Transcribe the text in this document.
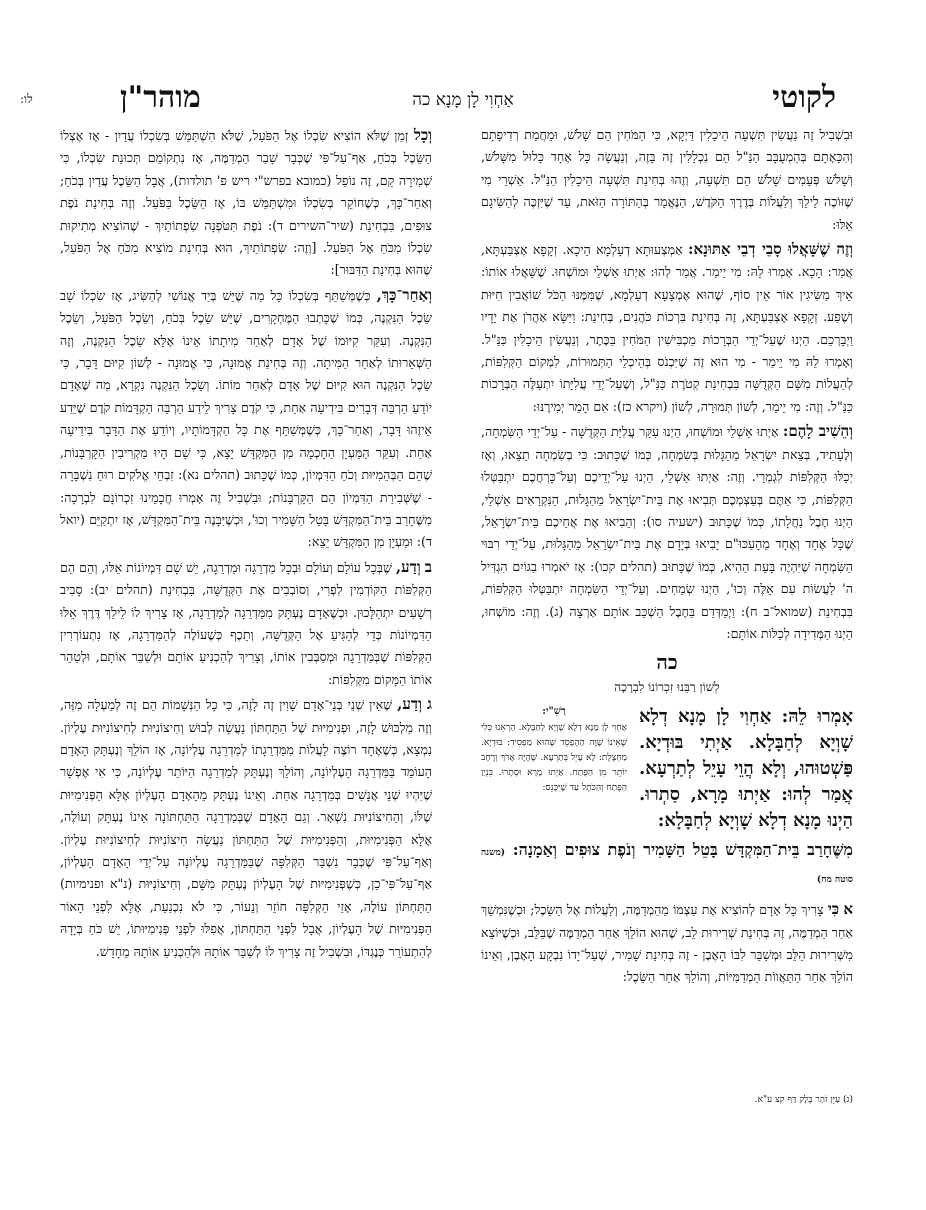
לקוטי
אַחְוִי לָן מָנָא כה
מוהר"ן
לו:

וּבִשְׁבִיל זֶה נַעֲשִׂין תִּשְׁעָה הֵיכָלִין דַּיְקָא, כִּי הַמֹּחִין הֵם שָׁלֹשׁ, וּמֵחֲמַת רְדִיפָתָם וְהִכָּאָתָם בְּהַמְעֻבָּב הַנַּ"ל הֵם נִכְלָלִין זֶה בָּזֶה, וְנַעֲשָׂה כָּל אֶחָד כָּלוּל מִשָּׁלֹשׁ, וְשָׁלֹשׁ פְּעָמִים שָׁלֹשׁ הֵם תִּשְׁעָה, וְזֶהוּ בְּחִינַת תִּשְׁעָה הֵיכָלִין הַנַּ"ל. אַשְׁרֵי מִי שֶׁזּוֹכֶה לֵילֵךְ וְלַעֲלוֹת בְּדֶרֶךְ הַקֹּדֶשׁ, הַנֶּאֱמָר בְּהַתּוֹרָה הַזֹּאת, עַד שֶׁיִּזְכֶּה לְהַשִּׂיגָם אֵלּוּ:

וְזֶה שֶׁשָּׁאֲלוּ סָבֵי דְבֵי אַתּוּנָא: אַמְצְעוּתָא דְעָלְמָא הֵיכָא. זְקָפָא אֶצְבַּעְתָּא, אֲמַר: הָכָא. אָמְרוּ לֵהּ: מִי יֵימַר. אֲמַר לְהוּ: אַיְתוּ אַשְׁלֵי וּמוֹשְׁחוּ. שֶׁשָּׁאֲלוּ אוֹתוֹ: אֵיךְ מַשִּׂיגִין אוֹר אֵין סוֹף, שֶׁהוּא אֶמְצָעָא דְעָלְמָא, שֶׁמִּמֶּנּוּ הַכֹּל שׁוֹאֲבִין חִיּוּת וְשֶׁפַע. זְקָפָא אֶצְבַּעְתָּא, זֶה בְּחִינַת בִּרְכוֹת כֹּהֲנִים, בְּחִינַת: וַיִּשָּׂא אַהֲרֹן אֶת יָדָיו וַיְבָרְכֵם. הַיְנוּ שֶׁעַל־יְדֵי הַבְּרָכוֹת מַכְבִּישִׁין הַמֹּחִין בַּכֶּתֶר, וְנַעֲשִׂין הֵיכָלִין כַּנַּ"ל. וְאָמְרוּ לֵהּ מִי יֵימַר - מִי הוּא זֶה שֶׁיִּכְנֹס בְּהֵיכְלֵי הַתְּמוּרוֹת, לִמְקוֹם הַקְּלִפּוֹת, לְהַעֲלוֹת מִשָּׁם הַקְּדֻשָּׁה בִּבְחִינַת קְטֹרֶת כַּנַּ"ל, וְשֶׁעַל־יְדֵי עֲלִיָּתוֹ יִתְעַלֶּה הַבְּרָכוֹת כַּנַּ"ל. וְזֶה: מִי יֵימַר, לְשׁוֹן תְּמוּרָה, לְשׁוֹן (ויקרא כז): אִם הָמֵר יְמִירֶנּוּ:

וְהֵשִׁיב לָהֶם: אַיְתוּ אַשְׁלֵי וּמוֹשְׁחוּ, הַיְנוּ עִקַּר עֲלִיַּת הַקְּדֻשָּׁה - עַל־יְדֵי הַשִּׂמְחָה, וְלֶעָתִיד, בְּצֵאת יִשְׂרָאֵל מֵהַגָּלוּת בְּשִׂמְחָה, כְּמוֹ שֶׁכָּתוּב: כִּי בְשִׂמְחָה תֵצֵאוּ, וְאָז יְכַלּוּ הַקְּלִפּוֹת לִגְמְרֵי. וְזֶה: אַיְתוּ אַשְׁלֵי, הַיְנוּ עַל־יְדֵיכֶם וְעַל־כָּרְחֲכֶם יִתְבַּטְּלוּ הַקְּלִפּוֹת, כִּי אַתֶּם בְּעַצְמְכֶם תְּבִיאוּ אֶת בֵּית־יִשְׂרָאֵל מֵהַגָּלוּת, הַנִּקְרָאִים אַשְׁלֵי, הַיְנוּ חֶבֶל נַחֲלָתוֹ, כְּמוֹ שֶׁכָּתוּב (ישעיה סו): וְהֵבִיאוּ אֶת אֲחֵיכֶם בֵּית־יִשְׂרָאֵל, שֶׁכָּל אֶחָד וְאֶחָד מֵהָעַכּוּ"ם יָבִיאוּ בְּיָדָם אֶת בֵּית־יִשְׂרָאֵל מֵהַגָּלוּת, עַל־יְדֵי רִבּוּי הַשִּׂמְחָה שֶׁיִּהְיֶה בָּעֵת הַהִיא, כְּמוֹ שֶׁכָּתוּב (תהלים קכו): אָז יֹאמְרוּ בַגּוֹיִם הִגְדִּיל ה' לַעֲשׂוֹת עִם אֵלֶּה וְכוּ', הַיְנוּ שְׂמֵחִים. וְעַל־יְדֵי הַשִּׂמְחָה יִתְבַּטְּלוּ הַקְּלִפּוֹת, בִּבְחִינַת (שמואל־ב ח): וַיְמַדְּדֵם בַּחֶבֶל הַשְׁכֵּב אוֹתָם אַרְצָה (ג). וְזֶה: מוֹשְׁחוּ, הַיְנוּ הַמְּדִידָה לְכַלּוֹת אוֹתָם:

כה
לְשׁוֹן רַבֵּנוּ זִכְרוֹנוֹ לִבְרָכָה
אָמְרוּ לֵהּ: אַחְוִי לָן מָנָא דְלָא שָׁוְיָא לְחַבָּלָא. אַיְתִי בּוּדְיָא. פַּשְׁטוּהוּ, וְלָא הֲוֵי עָיֵל לְתַרְעָא. אֲמַר לְהוּ: אַיְתוּ מָרָא, סַתְרוּ. הַיְנוּ מָנָא דְלָא שָׁוְיָא לְחַבָּלָא:
רַשִׁ"י:
אַחְוִי לָן מָנָא דְלָא שָׁוְיָא לְחַבָּלָא. הַרְאֵנוּ כְּלִי שֶׁאֵינוֹ שָׁוֶה הַהֶפְסֵד שֶׁהוּא מַפְסִיד: בּוּדְיָא. מַחְצֶלֶת: לָא עָיֵל בְּתַרְעָא. שֶׁהָיָה אָרֹךְ וְרָחָב יוֹתֵר מִן הַפֶּתַח. אַיְתוּ מָרָא וּסְתָרוּ. בִּנְיַן הַפֶּתַח וְהַכֹּתֶל עַד שֶׁיִּכָּנֵס:
מִשֶּׁחָרַב בֵּית־הַמִּקְדָּשׁ בָּטֵל הַשָּׁמִיר וְנֹפֶת צוּפִים וְאַמָנָה: (משנה סוטה מח)

א כִּי צָרִיךְ כָּל אָדָם לְהוֹצִיא אֶת עַצְמוֹ מֵהַמְדַמֶּה, וְלַעֲלוֹת אֶל הַשֵּׂכֶל; וּכְשֶׁנִּמְשָׁךְ אַחַר הַמְדַמֶּה, זֶה בְּחִינַת שְׁרִירוּת לֵב, שֶׁהוּא הוֹלֵךְ אַחַר הַמְדַמֶּה שֶׁבַּלֵּב, וּכְשֶׁיּוֹצֵא מִשְּׁרִירוּת הַלֵּב וּמְשַׁבֵּר לִבּוֹ הָאֶבֶן - זֶה בְּחִינַת שָׁמִיר, שֶׁעַל־יָדוֹ נִבְקָע הָאֶבֶן, וְאֵינוֹ הוֹלֵךְ אַחַר הַתַּאֲווֹת הַמְדַמִּיּוֹת, וְהוֹלֵךְ אַחַר הַשֵּׂכֶל:

וְכָל זְמַן שֶׁלֹּא הוֹצִיא שִׂכְלוֹ אֶל הַפֹּעַל, שֶׁלֹּא הִשְׁתַּמֵּשׁ בְּשִׂכְלוֹ עֲדַיִן - אָז אֶצְלוֹ הַשֵּׂכֶל בְּכֹחַ, אַף־עַל־פִּי שֶׁכְּבָר שָׁבַר הַמְדַמֶּה, אָז נִתְקוֹמֵם תְּכוּנַת שִׂכְלוֹ, כִּי שְׁמִירָה קַם, זֶה נוֹפֵל (כמובא בפרש"י ריש פ' תולדות), אֲבָל הַשֵּׂכֶל עֲדַיִן בְּכֹחַ; וְאַחַר־כָּךְ, כְּשֶׁחוֹקֵר בְּשִׂכְלוֹ וּמִשְׁתַּמֵּשׁ בּוֹ, אָז הַשֵּׂכֶל בַּפֹּעַל. וְזֶה בְּחִינַת נֹפֶת צוּפִים, בִּבְחִינַת (שיר־השירים ד): נֹפֶת תִּטֹּפְנָה שִׂפְתוֹתַיִךְ - שֶׁהוֹצִיא מְתִיקוּת שִׂכְלוֹ מִכֹּחַ אֶל הַפֹּעַל. [וְזֶה: שִׂפְתוֹתַיִךְ, הוּא בְּחִינַת מוֹצִיא מִכֹּחַ אֶל הַפֹּעַל, שֶׁהוּא בְּחִינַת הַדִּבּוּר]:

וְאַחַר־כָּךְ, כְּשֶׁמְּשַׁתֵּף בְּשִׂכְלוֹ כָּל מַה שֶּׁיֵּשׁ בְּיַד אֱנוֹשִׁי לְהַשִּׂיג, אָז שִׂכְלוֹ שָׁב שֵׂכֶל הַנִּקְנֶה, כְּמוֹ שֶׁכָּתְבוּ הַמֶּחְקָרִים, שֶׁיֵּשׁ שֵׂכֶל בְּכֹחַ, וְשֵׂכֶל הַפֹּעַל, וְשֵׂכֶל הַנִּקְנֶה. וְעִקַּר קִיּוּמוֹ שֶׁל אָדָם לְאַחַר מִיתָתוֹ אֵינוֹ אֶלָּא שֵׂכֶל הַנִּקְנֶה, וְזֶה הַשְּׁאֵרוּתוֹ לְאַחַר הַמִּיתָה. וְזֶה בְּחִינַת אֱמוּנָה, כִּי אֱמוּנָה - לְשׁוֹן קִיּוּם דָּבָר, כִּי שֵׂכֶל הַנִּקְנֶה הוּא קִיּוּם שֶׁל אָדָם לְאַחַר מוֹתוֹ. וְשֵׂכֶל הַנִּקְנֶה נִקְרָא, מַה שֶּׁאָדָם יוֹדֵעַ הַרְבֵּה דְּבָרִים בִּידִיעָה אַחַת, כִּי קֹדֶם צָרִיךְ לֵידַע הַרְבֵּה הַקְדָּמוֹת קֹדֶם שֶׁיֵּדַע אֵיזֶהוּ דָּבָר, וְאַחַר־כָּךְ, כְּשֶׁמְּשַׁתֵּף אֶת כָּל הַקְדָּמוֹתָיו, וְיוֹדֵעַ אֶת הַדָּבָר בִּידִיעָה אַחַת. וְעִקַּר הַמַּעְיָן הַחָכְמָה מִן הַמִּקְדָּשׁ יָצָא, כִּי שָׁם הָיוּ מַקְרִיבִין הַקָּרְבָּנוֹת, שֶׁהֵם הַבְּהֵמִיּוּת וְכֹחַ הַדִּמְיוֹן, כְּמוֹ שֶׁכָּתוּב (תהלים נא): זִבְחֵי אֱלֹקִים רוּחַ נִשְׁבָּרָה - שֶׁשְּׁבִירַת הַדִּמְיוֹן הֵם הַקָּרְבָּנוֹת; וּבִשְׁבִיל זֶה אָמְרוּ חֲכָמֵינוּ זִכְרוֹנָם לִבְרָכָה: מִשֶּׁחָרַב בֵּית־הַמִּקְדָּשׁ בָּטֵל הַשָּׁמִיר וְכוּ', וּכְשֶׁיִּבָּנֶה בֵּית־הַמִּקְדָּשׁ, אָז יִתְקַיֵּם (יואל ד): וּמַעְיָן מִן הַמִּקְדָּשׁ יֵצֵא:

ב וְדַע, שֶׁבְּכָל עוֹלָם וְעוֹלָם וּבְכָל מַדְרֵגָה וּמַדְרֵגָה, יֵשׁ שָׁם דִּמְיוֹנוֹת אֵלּוּ, וְהֵם הֵם הַקְּלִפּוֹת הַקּוֹדְמִין לִפְרִי, וְסוֹבְבִים אֶת הַקְּדֻשָּׁה, בִּבְחִינַת (תהלים יב): סָבִיב רְשָׁעִים יִתְהַלָּכוּן. וּכְשֶׁאָדָם נֶעְתָּק מִמַּדְרֵגָה לְמַדְרֵגָה, אָז צָרִיךְ לוֹ לֵילֵךְ דֶּרֶךְ אֵלּוּ הַדִּמְיוֹנוֹת כְּדֵי לְהַגִּיעַ אֶל הַקְּדֻשָּׁה, וְתֵכֶף כְּשֶׁעוֹלֶה לְהַמַּדְרֵגָה, אָז נִתְעוֹרְרִין הַקְּלִפּוֹת שֶׁבְּמַדְרֵגָה וּמְסַבְּבִין אוֹתוֹ, וְצָרִיךְ לְהַכְנִיעַ אוֹתָם וּלְשַׁבֵּר אוֹתָם, וּלְטַהֵר אוֹתוֹ הַמָּקוֹם מִקְּלִפּוֹת:

ג וְדַע, שֶׁאֵין שְׁנֵי בְּנֵי־אָדָם שָׁוִין זֶה לָזֶה, כִּי כָל הַנְּשָׁמוֹת הֵם זֶה לְמַעְלָה מִזֶּה, וְזֶה מַלְבּוּשׁ לָזֶה, וּפְנִימִיּוּת שֶׁל הַתַּחְתּוֹן נַעֲשָׂה לְבוּשׁ וְחִיצוֹנִיּוּת לְחִיצוֹנִיּוּת עֶלְיוֹן. נִמְצָא, כְּשֶׁאֶחָד רוֹצֶה לַעֲלוֹת מִמַּדְרֵגָתוֹ לְמַדְרֵגָה עֶלְיוֹנָה, אָז הוֹלֵךְ וְנֶעְתָּק הָאָדָם הָעוֹמֵד בַּמַּדְרֵגָה הָעֶלְיוֹנָה, וְהוֹלֵךְ וְנֶעְתָּק לְמַדְרֵגָה הַיּוֹתֵר עֶלְיוֹנָה, כִּי אִי אֶפְשָׁר שֶׁיִּהְיוּ שְׁנֵי אֲנָשִׁים בְּמַדְרֵגָה אַחַת. וְאֵינוֹ נֶעְתָּק מֵהָאָדָם הָעֶלְיוֹן אֶלָּא הַפְּנִימִיּוּת שֶׁלּוֹ, וְהַחִיצוֹנִיּוּת נִשְׁאָר. וְגַם הָאָדָם שֶׁבְּמַדְרֵגָה הַתַּחְתּוֹנָה אֵינוֹ נֶעְתָּק וְעוֹלֶה, אֶלָּא הַפְּנִימִיּוּת, וְהַפְּנִימִיּוּת שֶׁל הַתַּחְתּוֹן נַעֲשָׂה חִיצוֹנִיּוּת לְחִיצוֹנִיּוּת עֶלְיוֹן. וְאַף־עַל־פִּי שֶׁכְּבָר נִשְׁבַּר הַקְּלִפָּה שֶׁבַּמַּדְרֵגָה עֶלְיוֹנָה עַל־יְדֵי הָאָדָם הָעֶלְיוֹן, אַף־עַל־פִּי־כֵן, כְּשֶׁפְּנִימִיּוּת שֶׁל הָעֶלְיוֹן נֶעְתָּק מִשָּׁם, וְחִיצוֹנִיּוּת (נ"א ופנימיות) הַתַּחְתּוֹן עוֹלֶה, אָזַי הַקְּלִפָּה חוֹזֵר וְנֵעוֹר, כִּי לֹא נִכְנַעַת, אֶלָּא לִפְנֵי הָאוֹר הַפְּנִימִיּוּת שֶׁל הָעֶלְיוֹן, אֲבָל לִפְנֵי הַתַּחְתּוֹן, אֲפִלּוּ לִפְנֵי פְּנִימִיּוּתוֹ, יֵשׁ כֹּחַ בְּיָדָהּ לְהִתְעוֹרֵר כְּנֶגְדּוֹ, וּבִשְׁבִיל זֶה צָרִיךְ לוֹ לְשַׁבֵּר אוֹתָהּ וּלְהַכְנִיעַ אוֹתָהּ מֵחָדָשׁ.

(ג) עַיֵּן זֹהַר בָּלָק דַּף קצ ע"א.
